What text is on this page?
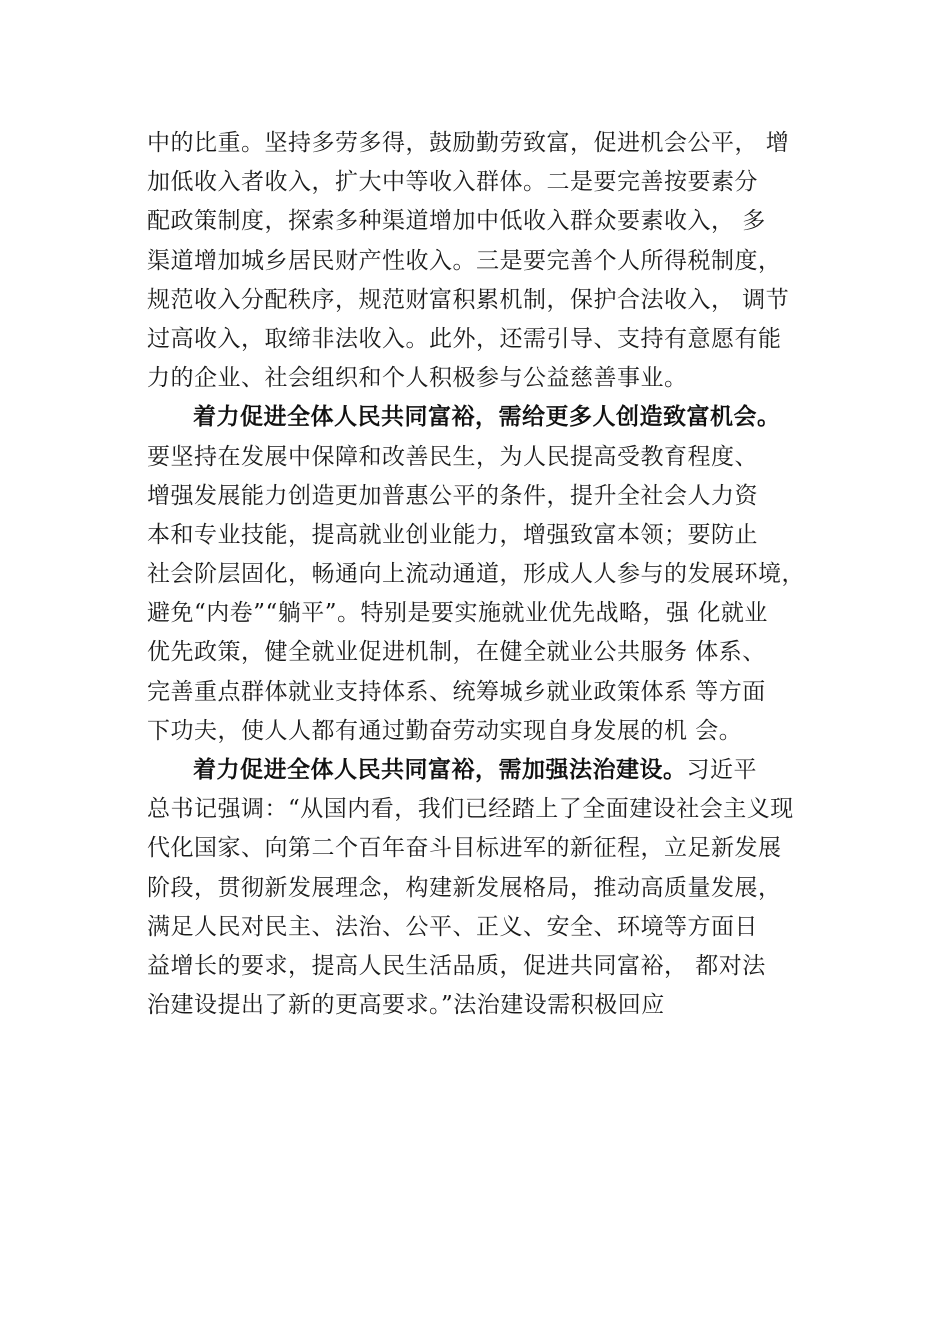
中的比重。坚持多劳多得，鼓励勤劳致富，促进机会公平， 增
加低收入者收入，扩大中等收入群体。二是要完善按要素分
配政策制度，探索多种渠道增加中低收入群众要素收入， 多
渠道增加城乡居民财产性收入。三是要完善个人所得税制度，
规范收入分配秩序，规范财富积累机制，保护合法收入， 调节
过高收入，取缔非法收入。此外，还需引导、支持有意愿有能
力的企业、社会组织和个人积极参与公益慈善事业。
着力促进全体人民共同富裕，需给更多人创造致富机会。
要坚持在发展中保障和改善民生，为人民提高受教育程度、
增强发展能力创造更加普惠公平的条件，提升全社会人力资
本和专业技能，提高就业创业能力，增强致富本领；要防止
社会阶层固化，畅通向上流动通道，形成人人参与的发展环境，
避免“内卷”“躺平”。特别是要实施就业优先战略，强 化就业
优先政策，健全就业促进机制，在健全就业公共服务 体系、
完善重点群体就业支持体系、统筹城乡就业政策体系 等方面
下功夫，使人人都有通过勤奋劳动实现自身发展的机 会。
着力促进全体人民共同富裕，需加强法治建设。习近平
总书记强调：“从国内看，我们已经踏上了全面建设社会主义现
代化国家、向第二个百年奋斗目标进军的新征程，立足新发展
阶段，贯彻新发展理念，构建新发展格局，推动高质量发展，
满足人民对民主、法治、公平、正义、安全、环境等方面日
益增长的要求，提高人民生活品质，促进共同富裕， 都对法
治建设提出了新的更高要求。”法治建设需积极回应
